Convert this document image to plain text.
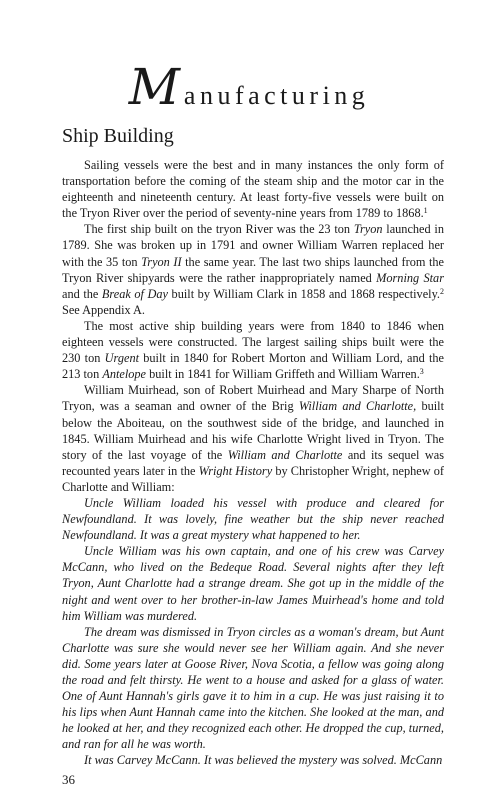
Manufacturing
Ship Building

Sailing vessels were the best and in many instances the only form of transportation before the coming of the steam ship and the motor car in the eighteenth and nineteenth century. At least forty-five vessels were built on the Tryon River over the period of seventy-nine years from 1789 to 1868.$^1$

The first ship built on the tryon River was the 23 ton Tryon launched in 1789. She was broken up in 1791 and owner William Warren replaced her with the 35 ton Tryon II the same year. The last two ships launched from the Tryon River shipyards were the rather inappropriately named Morning Star and the Break of Day built by William Clark in 1858 and 1868 respectively.$^2$ See Appendix A.

The most active ship building years were from 1840 to 1846 when eighteen vessels were constructed. The largest sailing ships built were the 230 ton Urgent built in 1840 for Robert Morton and William Lord, and the 213 ton Antelope built in 1841 for William Griffeth and William Warren.$^3$

William Muirhead, son of Robert Muirhead and Mary Sharpe of North Tryon, was a seaman and owner of the Brig William and Charlotte, built below the Aboiteau, on the southwest side of the bridge, and launched in 1845. William Muirhead and his wife Charlotte Wright lived in Tryon. The story of the last voyage of the William and Charlotte and its sequel was recounted years later in the Wright History by Christopher Wright, nephew of Charlotte and William:

Uncle William loaded his vessel with produce and cleared for Newfoundland. It was lovely, fine weather but the ship never reached Newfoundland. It was a great mystery what happened to her.

Uncle William was his own captain, and one of his crew was Carvey McCann, who lived on the Bedeque Road. Several nights after they left Tryon, Aunt Charlotte had a strange dream. She got up in the middle of the night and went over to her brother-in-law James Muirhead's home and told him William was murdered.

The dream was dismissed in Tryon circles as a woman's dream, but Aunt Charlotte was sure she would never see her William again. And she never did. Some years later at Goose River, Nova Scotia, a fellow was going along the road and felt thirsty. He went to a house and asked for a glass of water. One of Aunt Hannah's girls gave it to him in a cup. He was just raising it to his lips when Aunt Hannah came into the kitchen. She looked at the man, and he looked at her, and they recognized each other. He dropped the cup, turned, and ran for all he was worth.

It was Carvey McCann. It was believed the mystery was solved. McCann

36
